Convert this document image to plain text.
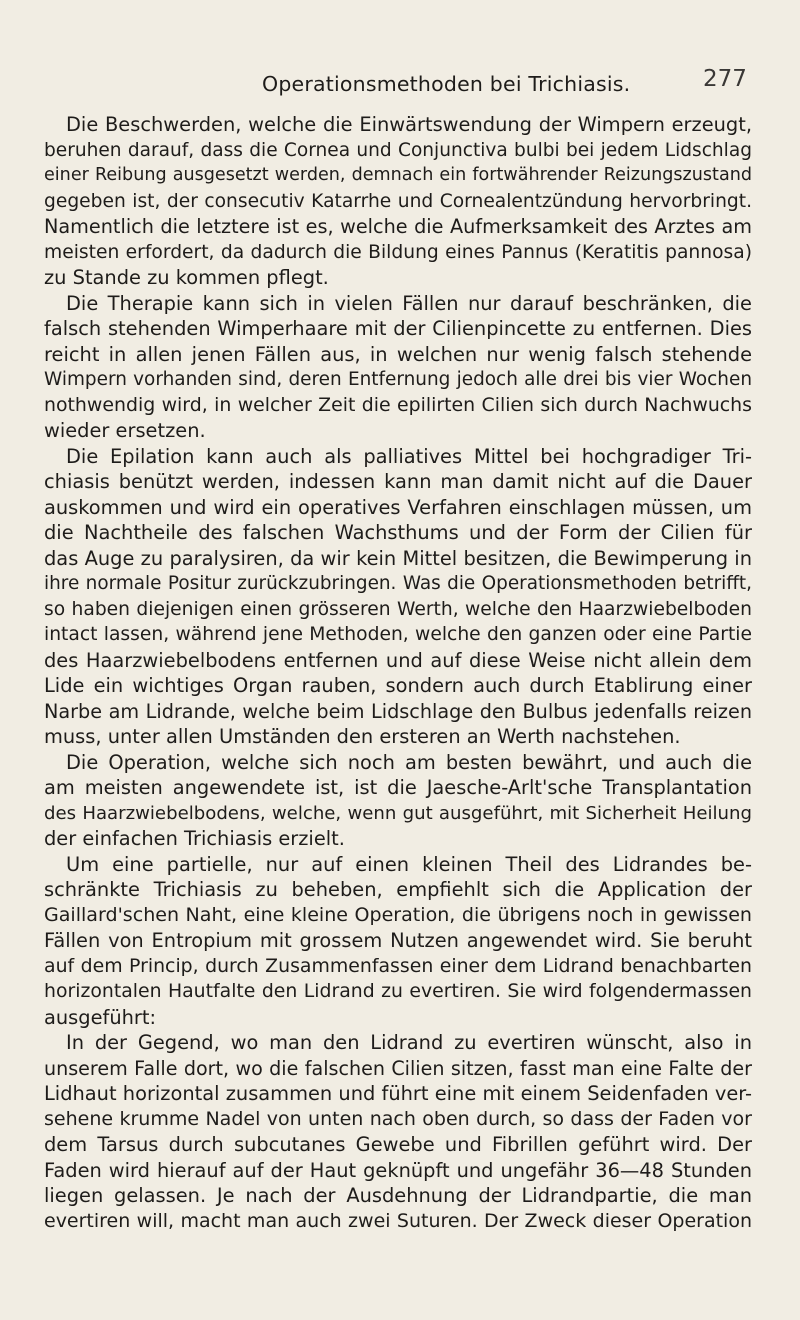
Operationsmethoden bei Trichiasis.	277
Die Beschwerden, welche die Einwärtswendung der Wimpern erzeugt,
beruhen darauf, dass die Cornea und Conjunctiva bulbi bei jedem Lidschlag
einer Reibung ausgesetzt werden, demnach ein fortwährender Reizungszustand
gegeben ist, der consecutiv Katarrhe und Cornealentzündung hervorbringt.
Namentlich die letztere ist es, welche die Aufmerksamkeit des Arztes am
meisten erfordert, da dadurch die Bildung eines Pannus (Keratitis pannosa)
zu Stande zu kommen pflegt.
Die Therapie kann sich in vielen Fällen nur darauf beschränken, die
falsch stehenden Wimperhaare mit der Cilienpincette zu entfernen. Dies
reicht in allen jenen Fällen aus, in welchen nur wenig falsch stehende
Wimpern vorhanden sind, deren Entfernung jedoch alle drei bis vier Wochen
nothwendig wird, in welcher Zeit die epilirten Cilien sich durch Nachwuchs
wieder ersetzen.
Die Epilation kann auch als palliatives Mittel bei hochgradiger Tri-
chiasis benützt werden, indessen kann man damit nicht auf die Dauer
auskommen und wird ein operatives Verfahren einschlagen müssen, um
die Nachtheile des falschen Wachsthums und der Form der Cilien für
das Auge zu paralysiren, da wir kein Mittel besitzen, die Bewimperung in
ihre normale Positur zurückzubringen. Was die Operationsmethoden betrifft,
so haben diejenigen einen grösseren Werth, welche den Haarzwiebelboden
intact lassen, während jene Methoden, welche den ganzen oder eine Partie
des Haarzwiebelbodens entfernen und auf diese Weise nicht allein dem
Lide ein wichtiges Organ rauben, sondern auch durch Etablirung einer
Narbe am Lidrande, welche beim Lidschlage den Bulbus jedenfalls reizen
muss, unter allen Umständen den ersteren an Werth nachstehen.
Die Operation, welche sich noch am besten bewährt, und auch die
am meisten angewendete ist, ist die Jaesche-Arlt'sche Transplantation
des Haarzwiebelbodens, welche, wenn gut ausgeführt, mit Sicherheit Heilung
der einfachen Trichiasis erzielt.
Um eine partielle, nur auf einen kleinen Theil des Lidrandes be-
schränkte Trichiasis zu beheben, empfiehlt sich die Application der
Gaillard'schen Naht, eine kleine Operation, die übrigens noch in gewissen
Fällen von Entropium mit grossem Nutzen angewendet wird. Sie beruht
auf dem Princip, durch Zusammenfassen einer dem Lidrand benachbarten
horizontalen Hautfalte den Lidrand zu evertiren. Sie wird folgendermassen
ausgeführt:
In der Gegend, wo man den Lidrand zu evertiren wünscht, also in
unserem Falle dort, wo die falschen Cilien sitzen, fasst man eine Falte der
Lidhaut horizontal zusammen und führt eine mit einem Seidenfaden ver-
sehene krumme Nadel von unten nach oben durch, so dass der Faden vor
dem Tarsus durch subcutanes Gewebe und Fibrillen geführt wird. Der
Faden wird hierauf auf der Haut geknüpft und ungefähr 36—48 Stunden
liegen gelassen. Je nach der Ausdehnung der Lidrandpartie, die man
evertiren will, macht man auch zwei Suturen. Der Zweck dieser Operation
